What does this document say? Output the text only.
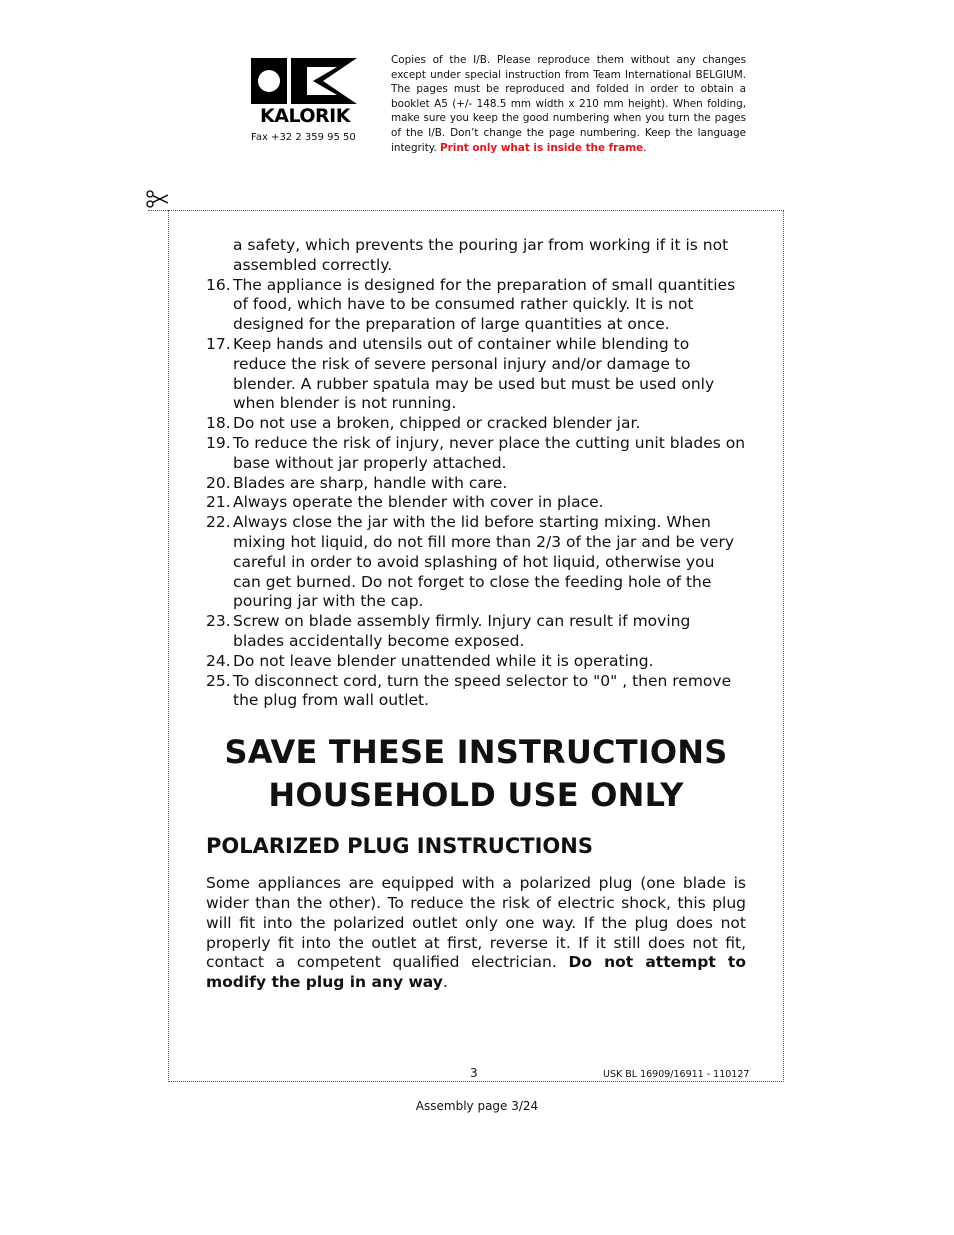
KALORIK
Fax +32 2 359 95 50
Copies of the I/B. Please reproduce them without any changes except under special instruction from Team International BELGIUM. The pages must be reproduced and folded in order to obtain a booklet A5 (+/- 148.5 mm width x 210 mm height). When folding, make sure you keep the good numbering when you turn the pages of the I/B. Don’t change the page numbering. Keep the language integrity. Print only what is inside the frame.
a safety, which prevents the pouring jar from working if it is not assembled correctly.
16. The appliance is designed for the preparation of small quantities of food, which have to be consumed rather quickly. It is not designed for the preparation of large quantities at once.
17. Keep hands and utensils out of container while blending to reduce the risk of severe personal injury and/or damage to blender. A rubber spatula may be used but must be used only when blender is not running.
18. Do not use a broken, chipped or cracked blender jar.
19. To reduce the risk of injury, never place the cutting unit blades on base without jar properly attached.
20. Blades are sharp, handle with care.
21. Always operate the blender with cover in place.
22. Always close the jar with the lid before starting mixing. When mixing hot liquid, do not fill more than 2/3 of the jar and be very careful in order to avoid splashing of hot liquid, otherwise you can get burned. Do not forget to close the feeding hole of the pouring jar with the cap.
23. Screw on blade assembly firmly. Injury can result if moving blades accidentally become exposed.
24. Do not leave blender unattended while it is operating.
25. To disconnect cord, turn the speed selector to "0" , then remove the plug from wall outlet.
SAVE THESE INSTRUCTIONS
HOUSEHOLD USE ONLY
POLARIZED PLUG INSTRUCTIONS
Some appliances are equipped with a polarized plug (one blade is wider than the other). To reduce the risk of electric shock, this plug will fit into the polarized outlet only one way. If the plug does not properly fit into the outlet at first, reverse it. If it still does not fit, contact a competent qualified electrician. Do not attempt to modify the plug in any way.
3	USK BL 16909/16911 - 110127
Assembly page 3/24
